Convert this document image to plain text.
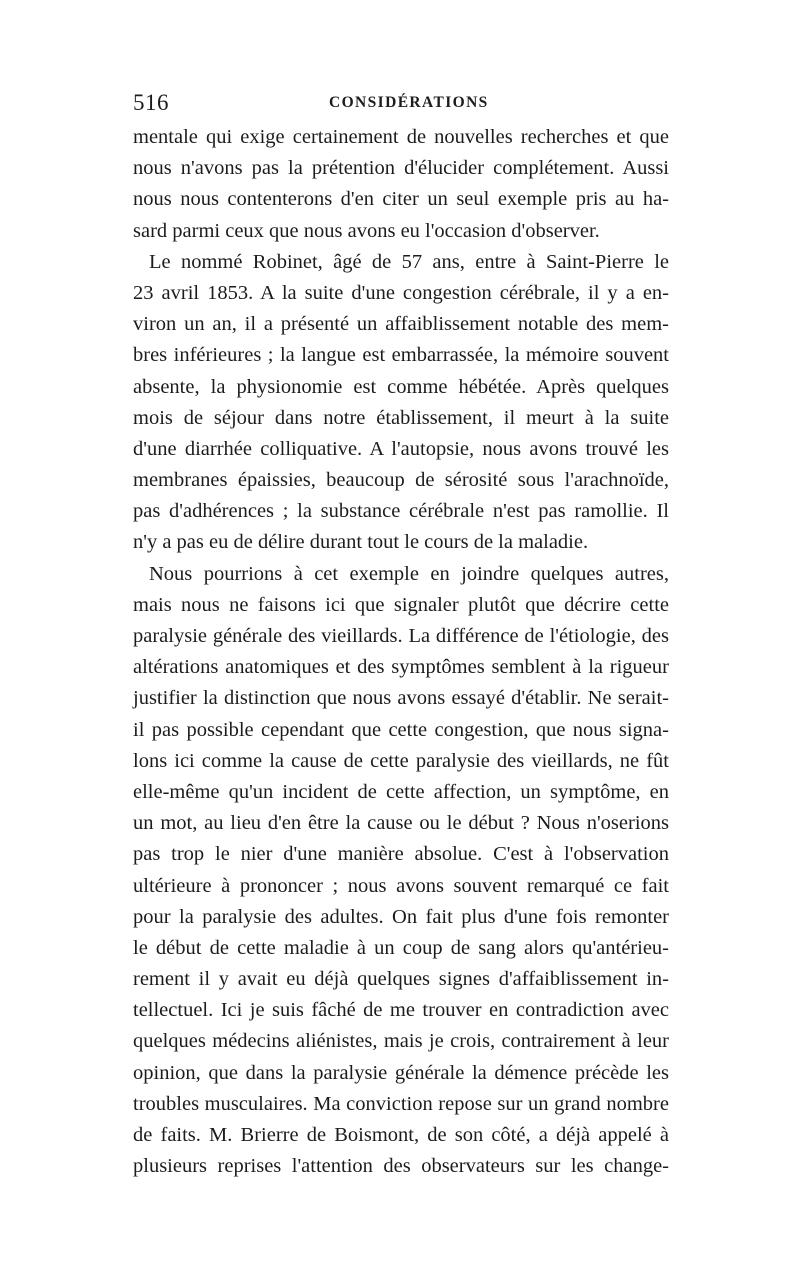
516	CONSIDÉRATIONS
mentale qui exige certainement de nouvelles recherches et que
nous n'avons pas la prétention d'élucider complétement. Aussi
nous nous contenterons d'en citer un seul exemple pris au ha-
sard parmi ceux que nous avons eu l'occasion d'observer.
Le nommé Robinet, âgé de 57 ans, entre à Saint-Pierre le
23 avril 1853. A la suite d'une congestion cérébrale, il y a en-
viron un an, il a présenté un affaiblissement notable des mem-
bres inférieures ; la langue est embarrassée, la mémoire souvent
absente, la physionomie est comme hébétée. Après quelques
mois de séjour dans notre établissement, il meurt à la suite
d'une diarrhée colliquative. A l'autopsie, nous avons trouvé les
membranes épaissies, beaucoup de sérosité sous l'arachnoïde,
pas d'adhérences ; la substance cérébrale n'est pas ramollie. Il
n'y a pas eu de délire durant tout le cours de la maladie.
Nous pourrions à cet exemple en joindre quelques autres,
mais nous ne faisons ici que signaler plutôt que décrire cette
paralysie générale des vieillards. La différence de l'étiologie, des
altérations anatomiques et des symptômes semblent à la rigueur
justifier la distinction que nous avons essayé d'établir. Ne serait-
il pas possible cependant que cette congestion, que nous signa-
lons ici comme la cause de cette paralysie des vieillards, ne fût
elle-même qu'un incident de cette affection, un symptôme, en
un mot, au lieu d'en être la cause ou le début ? Nous n'oserions
pas trop le nier d'une manière absolue. C'est à l'observation
ultérieure à prononcer ; nous avons souvent remarqué ce fait
pour la paralysie des adultes. On fait plus d'une fois remonter
le début de cette maladie à un coup de sang alors qu'antérieu-
rement il y avait eu déjà quelques signes d'affaiblissement in-
tellectuel. Ici je suis fâché de me trouver en contradiction avec
quelques médecins aliénistes, mais je crois, contrairement à leur
opinion, que dans la paralysie générale la démence précède les
troubles musculaires. Ma conviction repose sur un grand nombre
de faits. M. Brierre de Boismont, de son côté, a déjà appelé à
plusieurs reprises l'attention des observateurs sur les change-
